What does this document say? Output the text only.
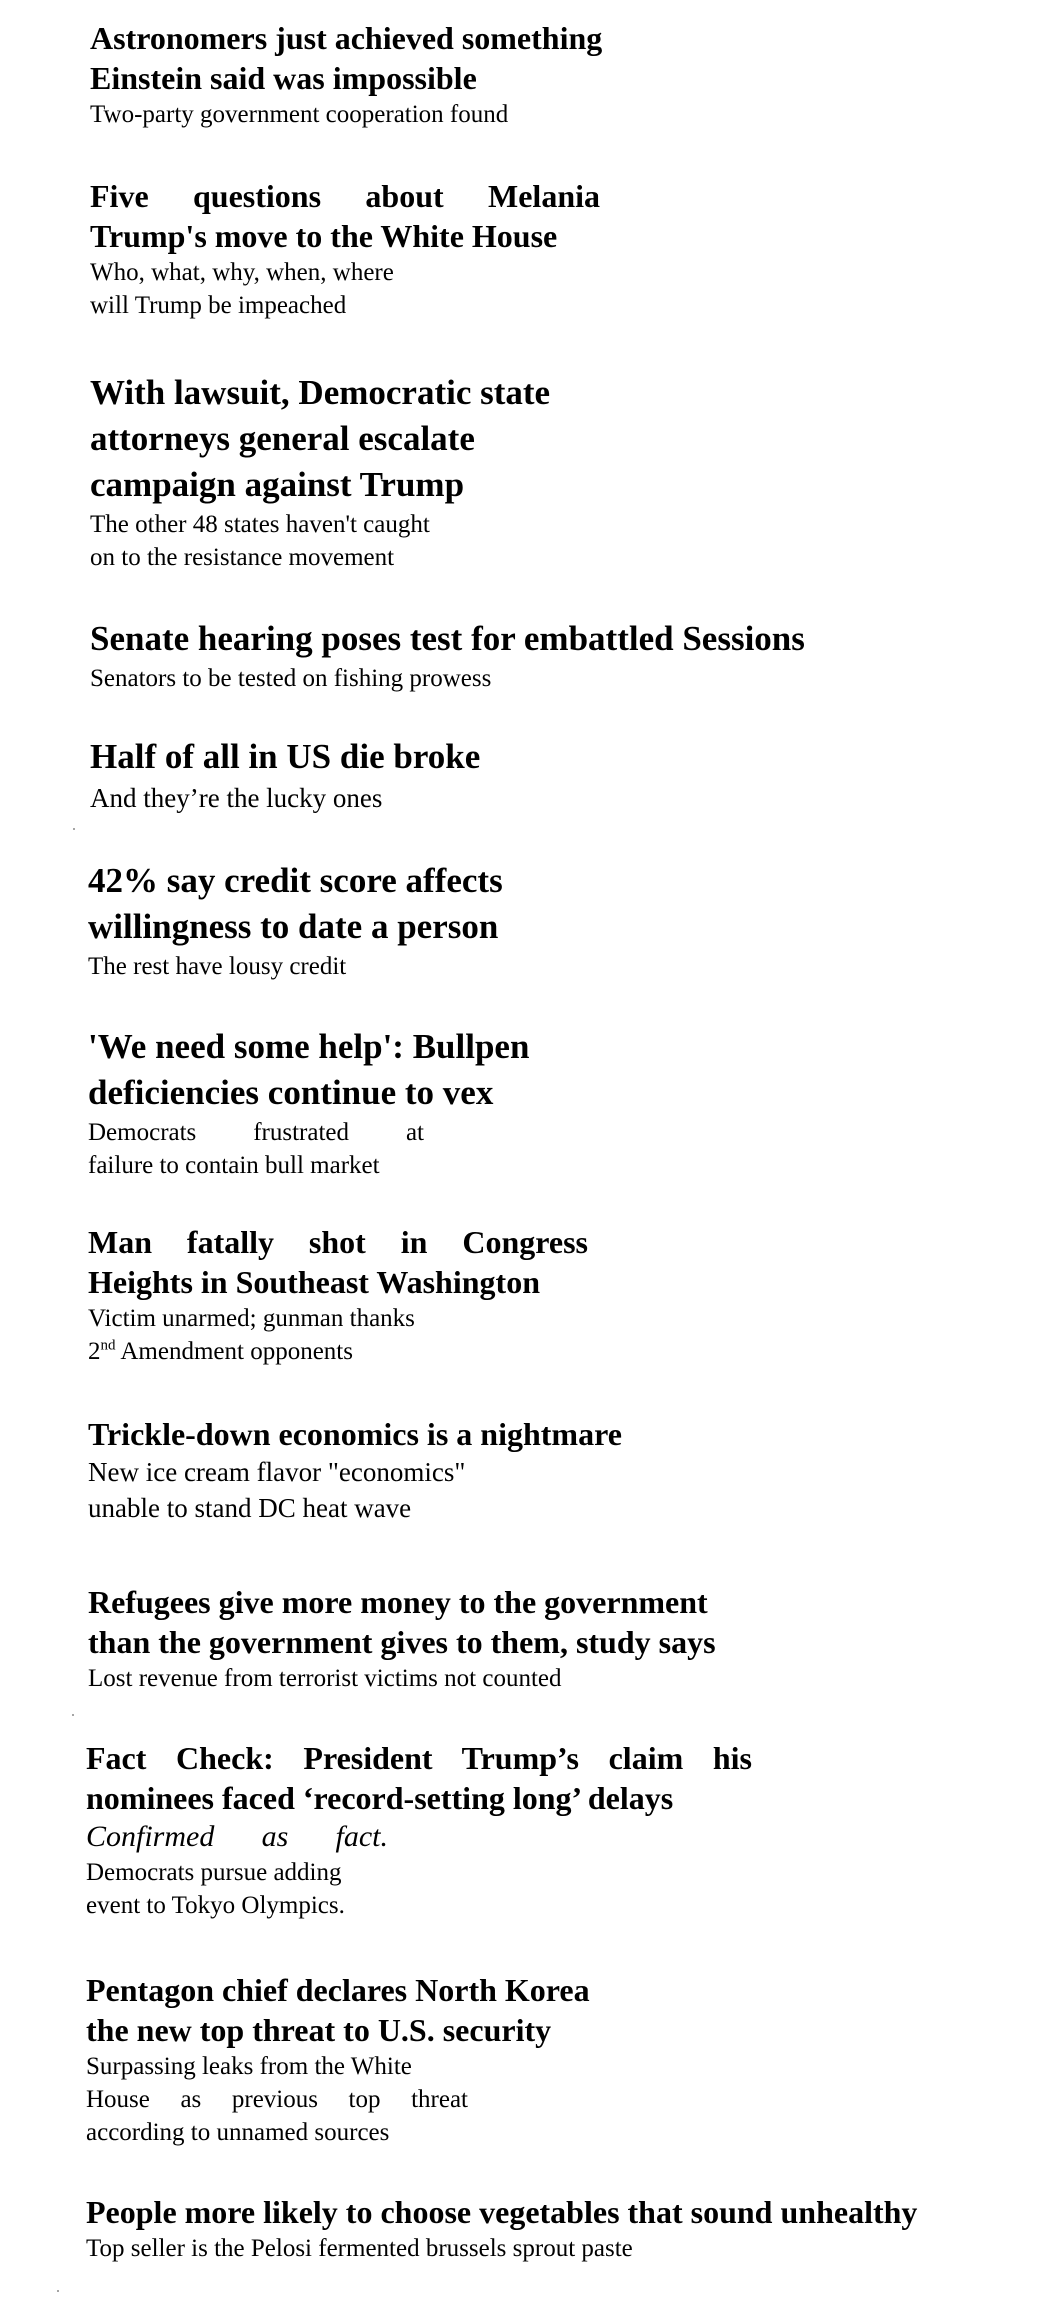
Astronomers just achieved something
Einstein said was impossible

Two-party government cooperation found

Five questions about Melania
Trump's move to the White House

Who, what, why, when, where
will Trump be impeached

With lawsuit, Democratic state
attorneys general escalate
campaign against Trump

The other 48 states haven't caught
on to the resistance movement

Senate hearing poses test for embattled Sessions

Senators to be tested on fishing prowess

Half of all in US die broke

And they’re the lucky ones

42% say credit score affects
willingness to date a person

The rest have lousy credit

'We need some help': Bullpen
deficiencies continue to vex

Democrats frustrated at
failure to contain bull market

Man fatally shot in Congress
Heights in Southeast Washington

Victim unarmed; gunman thanks
2nd Amendment opponents

Trickle-down economics is a nightmare

New ice cream flavor "economics"
unable to stand DC heat wave

Refugees give more money to the government
than the government gives to them, study says

Lost revenue from terrorist victims not counted

Fact Check: President Trump’s claim his
nominees faced ‘record-setting long’ delays

Confirmed as fact.

Democrats pursue adding
event to Tokyo Olympics.

Pentagon chief declares North Korea
the new top threat to U.S. security

Surpassing leaks from the White
House as previous top threat
according to unnamed sources

People more likely to choose vegetables that sound unhealthy

Top seller is the Pelosi fermented brussels sprout paste
